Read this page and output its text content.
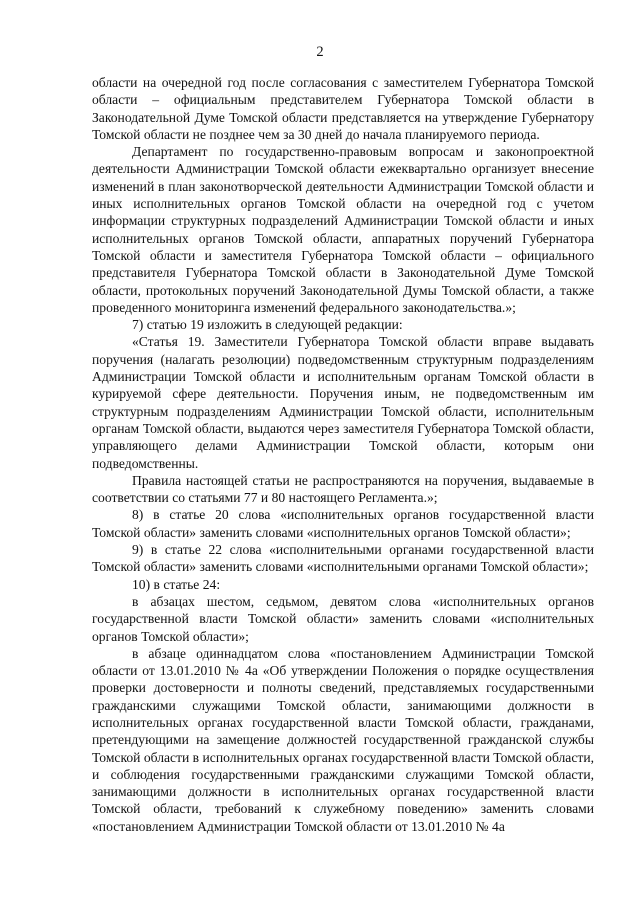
2

области на очередной год после согласования с заместителем Губернатора Томской области – официальным представителем Губернатора Томской области в Законодательной Думе Томской области представляется на утверждение Губернатору Томской области не позднее чем за 30 дней до начала планируемого периода.

Департамент по государственно-правовым вопросам и законопроектной деятельности Администрации Томской области ежеквартально организует внесение изменений в план законотворческой деятельности Администрации Томской области и иных исполнительных органов Томской области на очередной год с учетом информации структурных подразделений Администрации Томской области и иных исполнительных органов Томской области, аппаратных поручений Губернатора Томской области и заместителя Губернатора Томской области – официального представителя Губернатора Томской области в Законодательной Думе Томской области, протокольных поручений Законодательной Думы Томской области, а также проведенного мониторинга изменений федерального законодательства.»;

7) статью 19 изложить в следующей редакции:

«Статья 19. Заместители Губернатора Томской области вправе выдавать поручения (налагать резолюции) подведомственным структурным подразделениям Администрации Томской области и исполнительным органам Томской области в курируемой сфере деятельности. Поручения иным, не подведомственным им структурным подразделениям Администрации Томской области, исполнительным органам Томской области, выдаются через заместителя Губернатора Томской области, управляющего делами Администрации Томской области, которым они подведомственны.

Правила настоящей статьи не распространяются на поручения, выдаваемые в соответствии со статьями 77 и 80 настоящего Регламента.»;

8) в статье 20 слова «исполнительных органов государственной власти Томской области» заменить словами «исполнительных органов Томской области»;

9) в статье 22 слова «исполнительными органами государственной власти Томской области» заменить словами «исполнительными органами Томской области»;

10) в статье 24:

в абзацах шестом, седьмом, девятом слова «исполнительных органов государственной власти Томской области» заменить словами «исполнительных органов Томской области»;

в абзаце одиннадцатом слова «постановлением Администрации Томской области от 13.01.2010 № 4а «Об утверждении Положения о порядке осуществления проверки достоверности и полноты сведений, представляемых государственными гражданскими служащими Томской области, занимающими должности в исполнительных органах государственной власти Томской области, гражданами, претендующими на замещение должностей государственной гражданской службы Томской области в исполнительных органах государственной власти Томской области, и соблюдения государственными гражданскими служащими Томской области, занимающими должности в исполнительных органах государственной власти Томской области, требований к служебному поведению» заменить словами «постановлением Администрации Томской области от 13.01.2010 № 4а
